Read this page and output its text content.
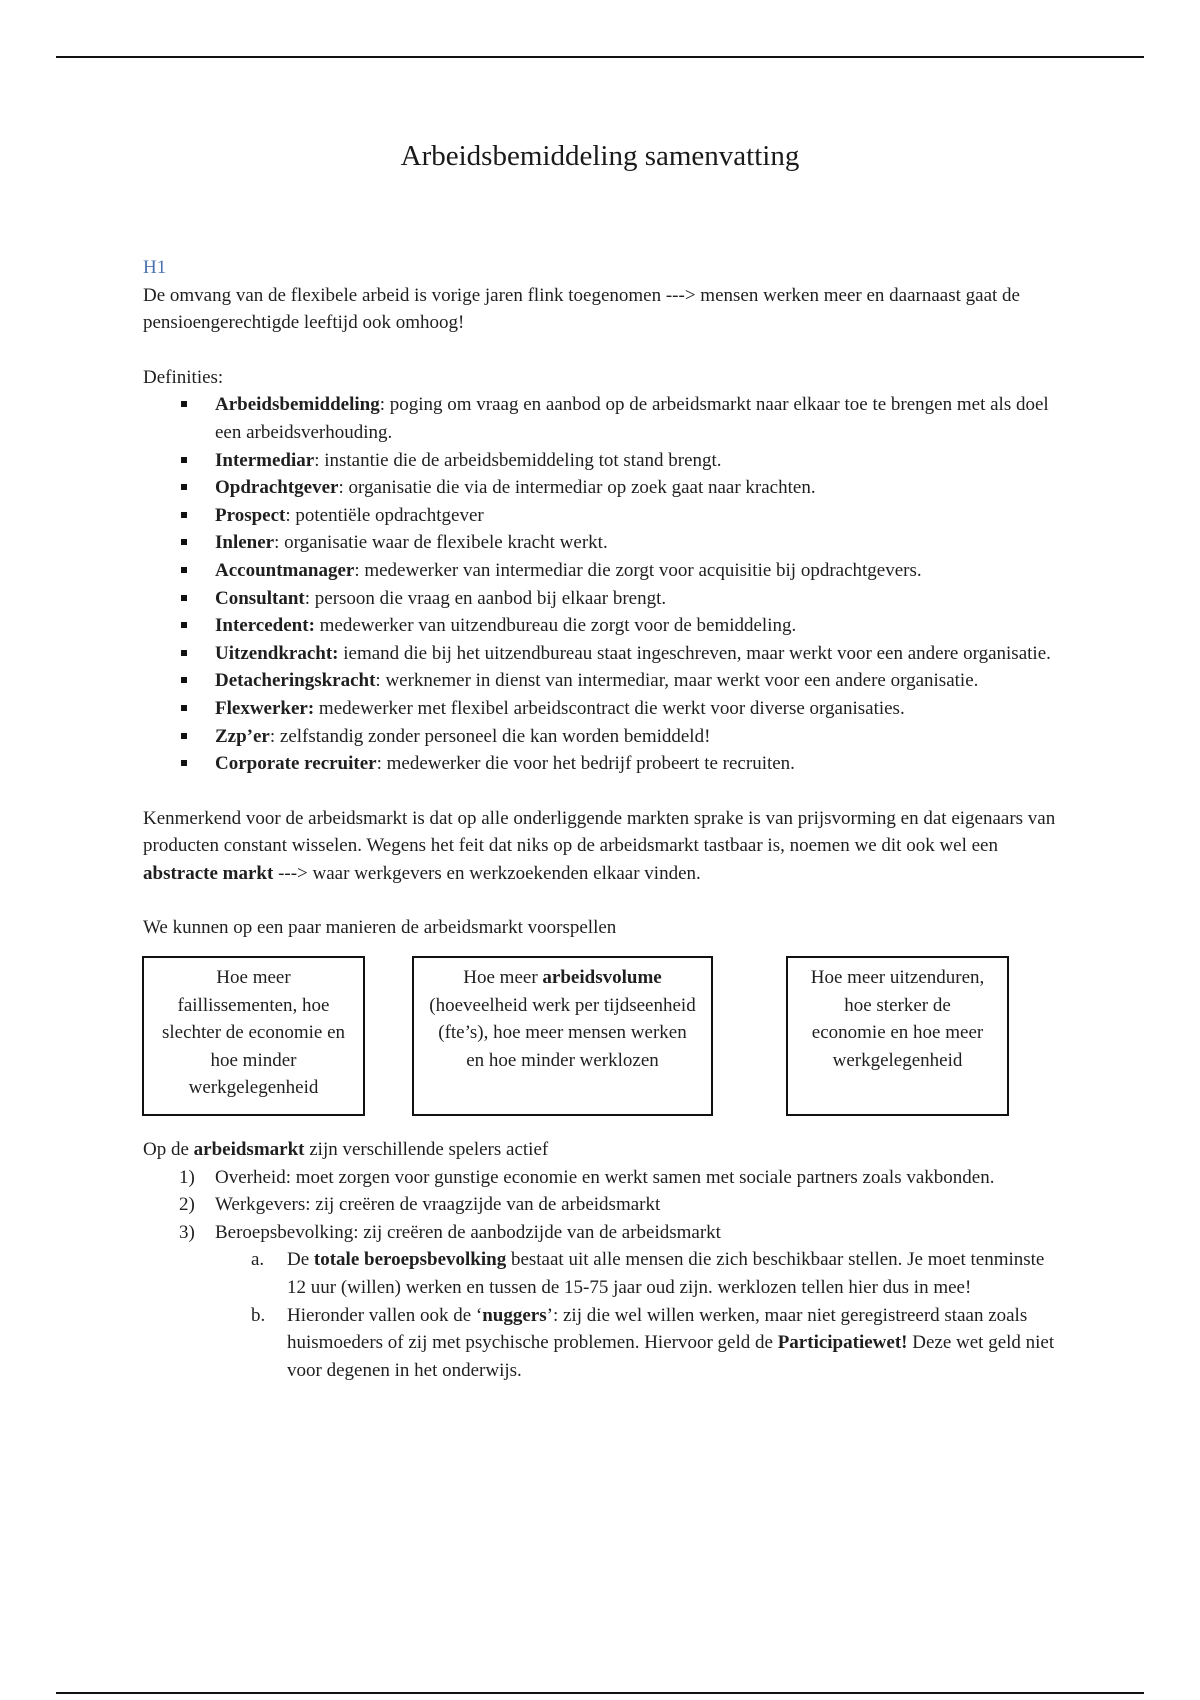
Arbeidsbemiddeling samenvatting

H1

De omvang van de flexibele arbeid is vorige jaren flink toegenomen ---> mensen werken meer en daarnaast gaat de pensioengerechtigde leeftijd ook omhoog!

Definities:

Arbeidsbemiddeling: poging om vraag en aanbod op de arbeidsmarkt naar elkaar toe te brengen met als doel een arbeidsverhouding.
Intermediar: instantie die de arbeidsbemiddeling tot stand brengt.
Opdrachtgever: organisatie die via de intermediar op zoek gaat naar krachten.
Prospect: potentiële opdrachtgever
Inlener: organisatie waar de flexibele kracht werkt.
Accountmanager: medewerker van intermediar die zorgt voor acquisitie bij opdrachtgevers.
Consultant: persoon die vraag en aanbod bij elkaar brengt.
Intercedent: medewerker van uitzendbureau die zorgt voor de bemiddeling.
Uitzendkracht: iemand die bij het uitzendbureau staat ingeschreven, maar werkt voor een andere organisatie.
Detacheringskracht: werknemer in dienst van intermediar, maar werkt voor een andere organisatie.
Flexwerker: medewerker met flexibel arbeidscontract die werkt voor diverse organisaties.
Zzp’er: zelfstandig zonder personeel die kan worden bemiddeld!
Corporate recruiter: medewerker die voor het bedrijf probeert te recruiten.

Kenmerkend voor de arbeidsmarkt is dat op alle onderliggende markten sprake is van prijsvorming en dat eigenaars van producten constant wisselen. Wegens het feit dat niks op de arbeidsmarkt tastbaar is, noemen we dit ook wel een abstracte markt ---> waar werkgevers en werkzoekenden elkaar vinden.

We kunnen op een paar manieren de arbeidsmarkt voorspellen

Hoe meer faillissementen, hoe slechter de economie en hoe minder werkgelegenheid
Hoe meer arbeidsvolume (hoeveelheid werk per tijdseenheid (fte’s), hoe meer mensen werken en hoe minder werklozen
Hoe meer uitzenduren, hoe sterker de economie en hoe meer werkgelegenheid

Op de arbeidsmarkt zijn verschillende spelers actief

1) Overheid: moet zorgen voor gunstige economie en werkt samen met sociale partners zoals vakbonden.
2) Werkgevers: zij creëren de vraagzijde van de arbeidsmarkt
3) Beroepsbevolking: zij creëren de aanbodzijde van de arbeidsmarkt
a. De totale beroepsbevolking bestaat uit alle mensen die zich beschikbaar stellen. Je moet tenminste 12 uur (willen) werken en tussen de 15-75 jaar oud zijn. werklozen tellen hier dus in mee!
b. Hieronder vallen ook de ‘nuggers’: zij die wel willen werken, maar niet geregistreerd staan zoals huismoeders of zij met psychische problemen. Hiervoor geld de Participatiewet! Deze wet geld niet voor degenen in het onderwijs.
